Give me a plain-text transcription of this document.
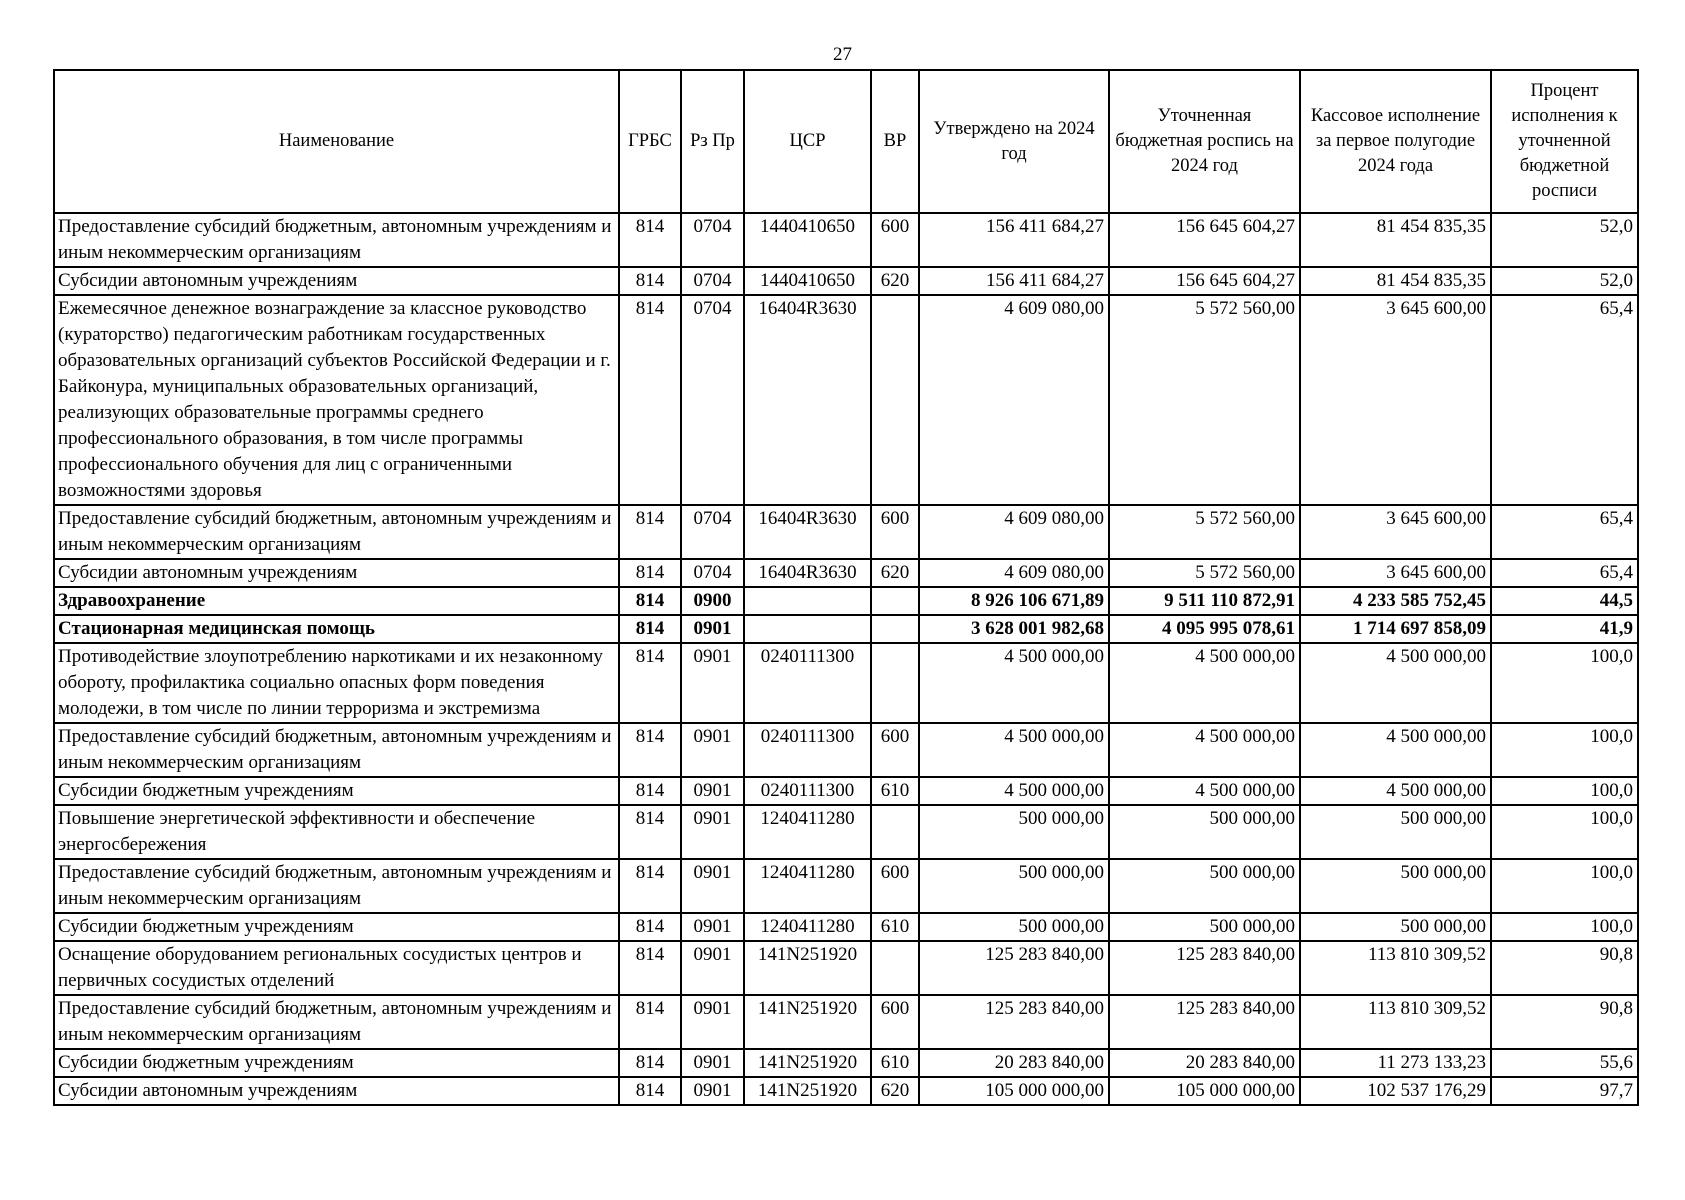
27
Наименование	ГРБС	Рз Пр	ЦСР	ВР	Утверждено на 2024 год	Уточненная бюджетная роспись на 2024 год	Кассовое исполнение за первое полугодие 2024 года	Процент исполнения к уточненной бюджетной росписи
Предоставление субсидий бюджетным, автономным учреждениям и иным некоммерческим организациям	814	0704	1440410650	600	156 411 684,27	156 645 604,27	81 454 835,35	52,0
Субсидии автономным учреждениям	814	0704	1440410650	620	156 411 684,27	156 645 604,27	81 454 835,35	52,0
Ежемесячное денежное вознаграждение за классное руководство (кураторство) педагогическим работникам государственных образовательных организаций субъектов Российской Федерации и г. Байконура, муниципальных образовательных организаций, реализующих образовательные программы среднего профессионального образования, в том числе программы профессионального обучения для лиц с ограниченными возможностями здоровья	814	0704	16404R3630		4 609 080,00	5 572 560,00	3 645 600,00	65,4
Предоставление субсидий бюджетным, автономным учреждениям и иным некоммерческим организациям	814	0704	16404R3630	600	4 609 080,00	5 572 560,00	3 645 600,00	65,4
Субсидии автономным учреждениям	814	0704	16404R3630	620	4 609 080,00	5 572 560,00	3 645 600,00	65,4
Здравоохранение	814	0900			8 926 106 671,89	9 511 110 872,91	4 233 585 752,45	44,5
Стационарная медицинская помощь	814	0901			3 628 001 982,68	4 095 995 078,61	1 714 697 858,09	41,9
Противодействие злоупотреблению наркотиками и их незаконному обороту, профилактика социально опасных форм поведения молодежи, в том числе по линии терроризма и экстремизма	814	0901	0240111300		4 500 000,00	4 500 000,00	4 500 000,00	100,0
Предоставление субсидий бюджетным, автономным учреждениям и иным некоммерческим организациям	814	0901	0240111300	600	4 500 000,00	4 500 000,00	4 500 000,00	100,0
Субсидии бюджетным учреждениям	814	0901	0240111300	610	4 500 000,00	4 500 000,00	4 500 000,00	100,0
Повышение энергетической эффективности и обеспечение энергосбережения	814	0901	1240411280		500 000,00	500 000,00	500 000,00	100,0
Предоставление субсидий бюджетным, автономным учреждениям и иным некоммерческим организациям	814	0901	1240411280	600	500 000,00	500 000,00	500 000,00	100,0
Субсидии бюджетным учреждениям	814	0901	1240411280	610	500 000,00	500 000,00	500 000,00	100,0
Оснащение оборудованием региональных сосудистых центров и первичных сосудистых отделений	814	0901	141N251920		125 283 840,00	125 283 840,00	113 810 309,52	90,8
Предоставление субсидий бюджетным, автономным учреждениям и иным некоммерческим организациям	814	0901	141N251920	600	125 283 840,00	125 283 840,00	113 810 309,52	90,8
Субсидии бюджетным учреждениям	814	0901	141N251920	610	20 283 840,00	20 283 840,00	11 273 133,23	55,6
Субсидии автономным учреждениям	814	0901	141N251920	620	105 000 000,00	105 000 000,00	102 537 176,29	97,7
